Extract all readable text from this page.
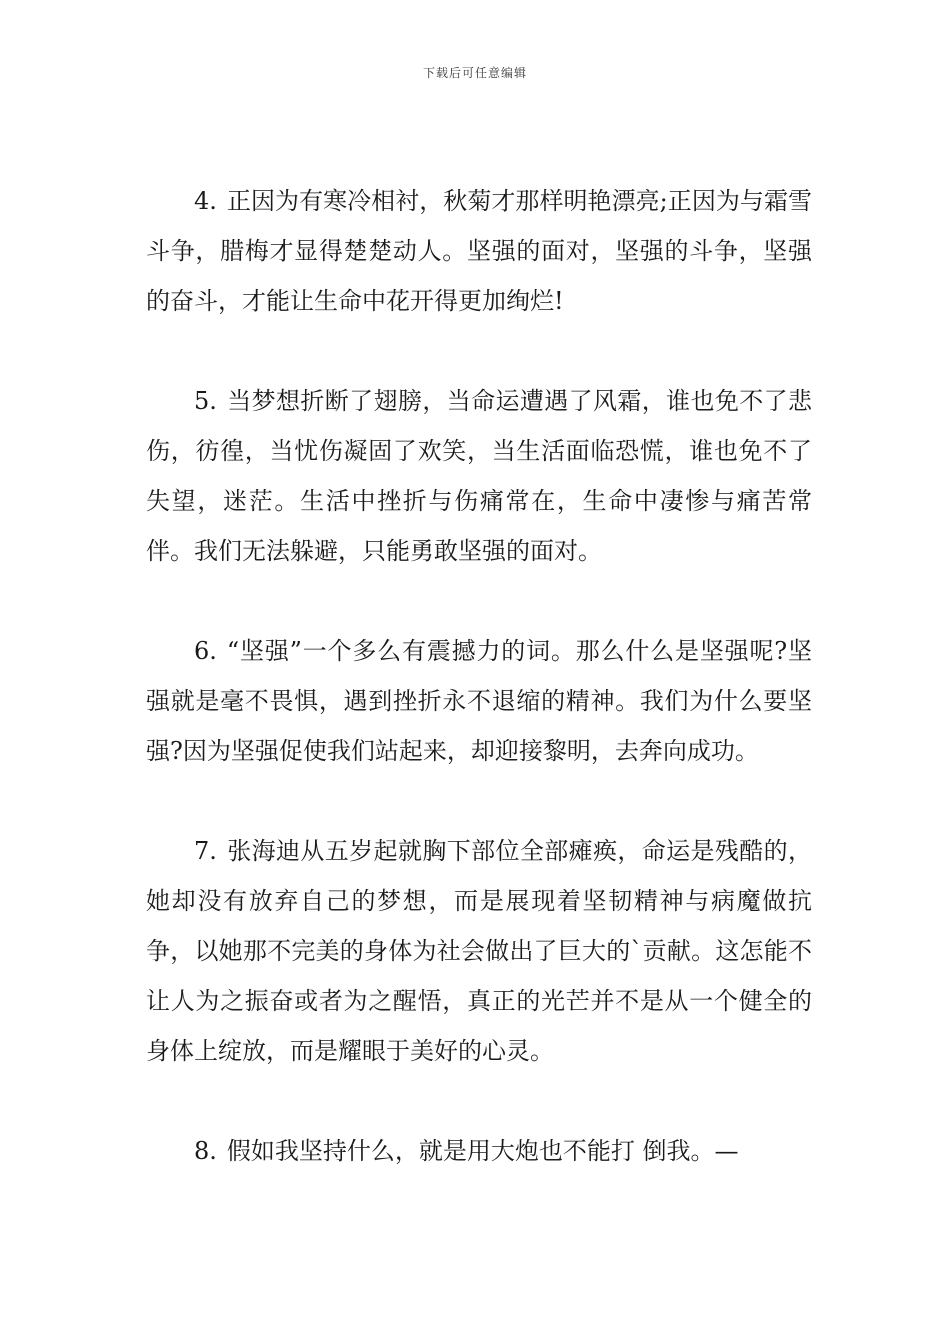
下载后可任意编辑

4. 正因为有寒冷相衬，秋菊才那样明艳漂亮;正因为与霜雪斗争，腊梅才显得楚楚动人。坚强的面对，坚强的斗争，坚强的奋斗，才能让生命中花开得更加绚烂!

5. 当梦想折断了翅膀，当命运遭遇了风霜，谁也免不了悲伤，彷徨，当忧伤凝固了欢笑，当生活面临恐慌，谁也免不了失望，迷茫。生活中挫折与伤痛常在，生命中凄惨与痛苦常伴。我们无法躲避，只能勇敢坚强的面对。

6. “坚强”一个多么有震撼力的词。那么什么是坚强呢?坚强就是毫不畏惧，遇到挫折永不退缩的精神。我们为什么要坚强?因为坚强促使我们站起来，却迎接黎明，去奔向成功。

7. 张海迪从五岁起就胸下部位全部瘫痪，命运是残酷的，她却没有放弃自己的梦想，而是展现着坚韧精神与病魔做抗争，以她那不完美的身体为社会做出了巨大的`贡献。这怎能不让人为之振奋或者为之醒悟，真正的光芒并不是从一个健全的身体上绽放，而是耀眼于美好的心灵。

8. 假如我坚持什么，就是用大炮也不能打 倒我。—
